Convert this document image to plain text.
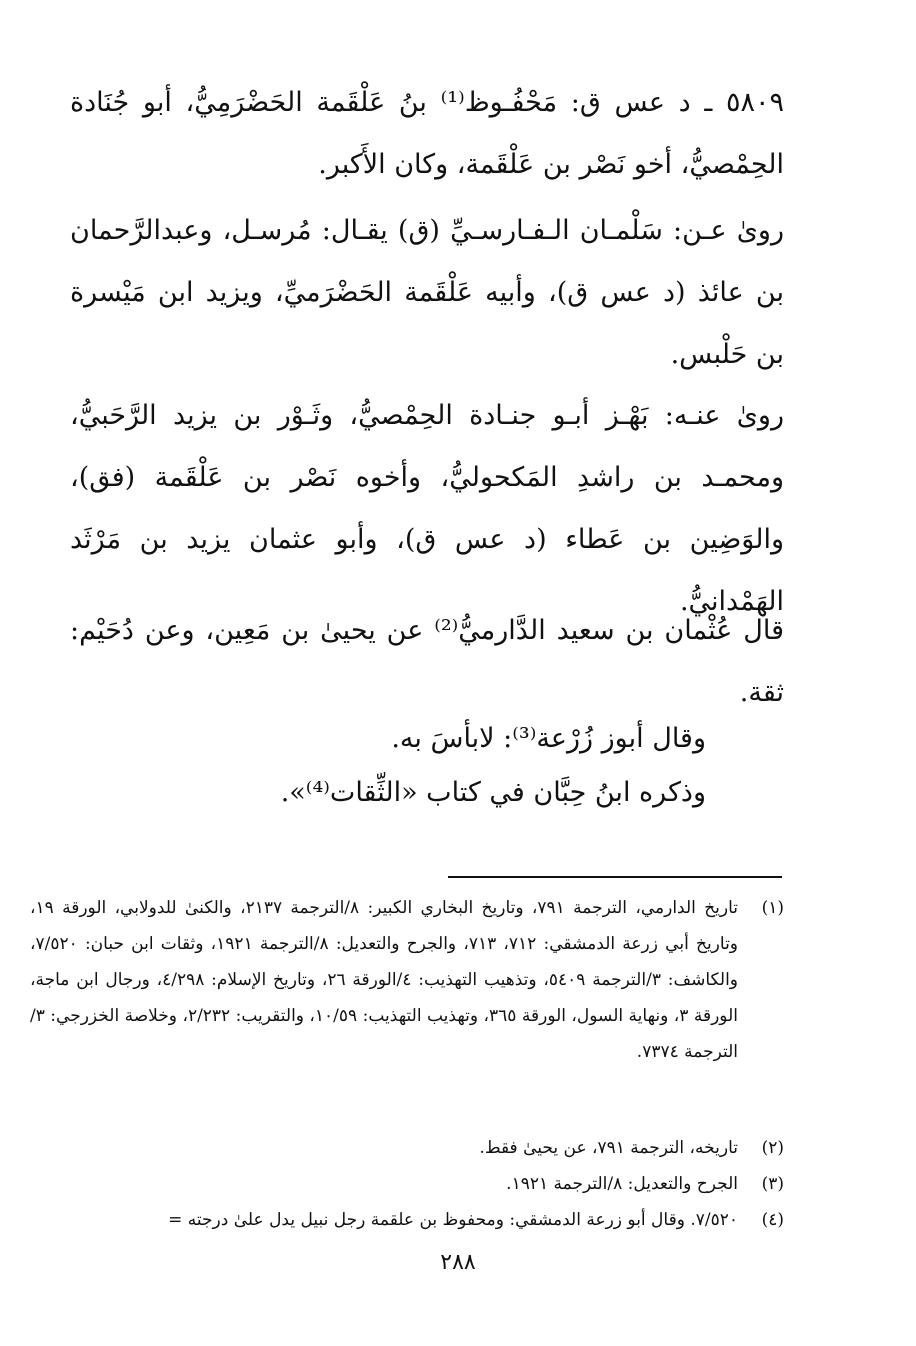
٥٨٠٩ ـ د عس ق: مَحْفُـوظ⁽¹⁾ بنُ عَلْقَمة الحَضْرَمِيُّ، أبو جُنَادة الحِمْصيُّ، أخو نَصْر بن عَلْقَمة، وكان الأَكبر.
روىٰ عـن: سَلْمـان الـفـارسـيِّ (ق) يقـال: مُرسـل، وعبدالرَّحمان بن عائذ (د عس ق)، وأبيه عَلْقَمة الحَضْرَميِّ، ويزيد ابن مَيْسرة بن حَلْبس.
روىٰ عنـه: بَهْـز أبـو جنـادة الحِمْصيُّ، وثَـوْر بن يزيد الرَّحَبيُّ، ومحمـد بن راشدِ المَكحوليُّ، وأخوه نَصْر بن عَلْقَمة (فق)، والوَضِين بن عَطاء (د عس ق)، وأبو عثمان يزيد بن مَرْثَد الهَمْدانيُّ.
قال عُثْمان بن سعيد الدَّارميُّ⁽²⁾ عن يحيىٰ بن مَعِين، وعن دُحَيْم: ثقة.
وقال أبوز زُرْعة⁽³⁾: لابأسَ به.
وذكره ابنُ حِبَّان في كتاب «الثِّقات⁽⁴⁾».
(١)
تاريخ الدارمي، الترجمة ٧٩١، وتاريخ البخاري الكبير: ٨/الترجمة ٢١٣٧، والكنىٰ للدولابي، الورقة ١٩، وتاريخ أبي زرعة الدمشقي: ٧١٢، ٧١٣، والجرح والتعديل: ٨/الترجمة ١٩٢١، وثقات ابن حبان: ٧/٥٢٠، والكاشف: ٣/الترجمة ٥٤٠٩، وتذهيب التهذيب: ٤/الورقة ٢٦، وتاريخ الإسلام: ٤/٢٩٨، ورجال ابن ماجة، الورقة ٣، ونهاية السول، الورقة ٣٦٥، وتهذيب التهذيب: ١٠/٥٩، والتقريب: ٢/٢٣٢، وخلاصة الخزرجي: ٣/الترجمة ٧٣٧٤.
(٢)
تاريخه، الترجمة ٧٩١، عن يحيىٰ فقط.
(٣)
الجرح والتعديل: ٨/الترجمة ١٩٢١.
(٤)
٧/٥٢٠. وقال أبو زرعة الدمشقي: ومحفوظ بن علقمة رجل نبيل يدل علىٰ درجته =
٢٨٨
